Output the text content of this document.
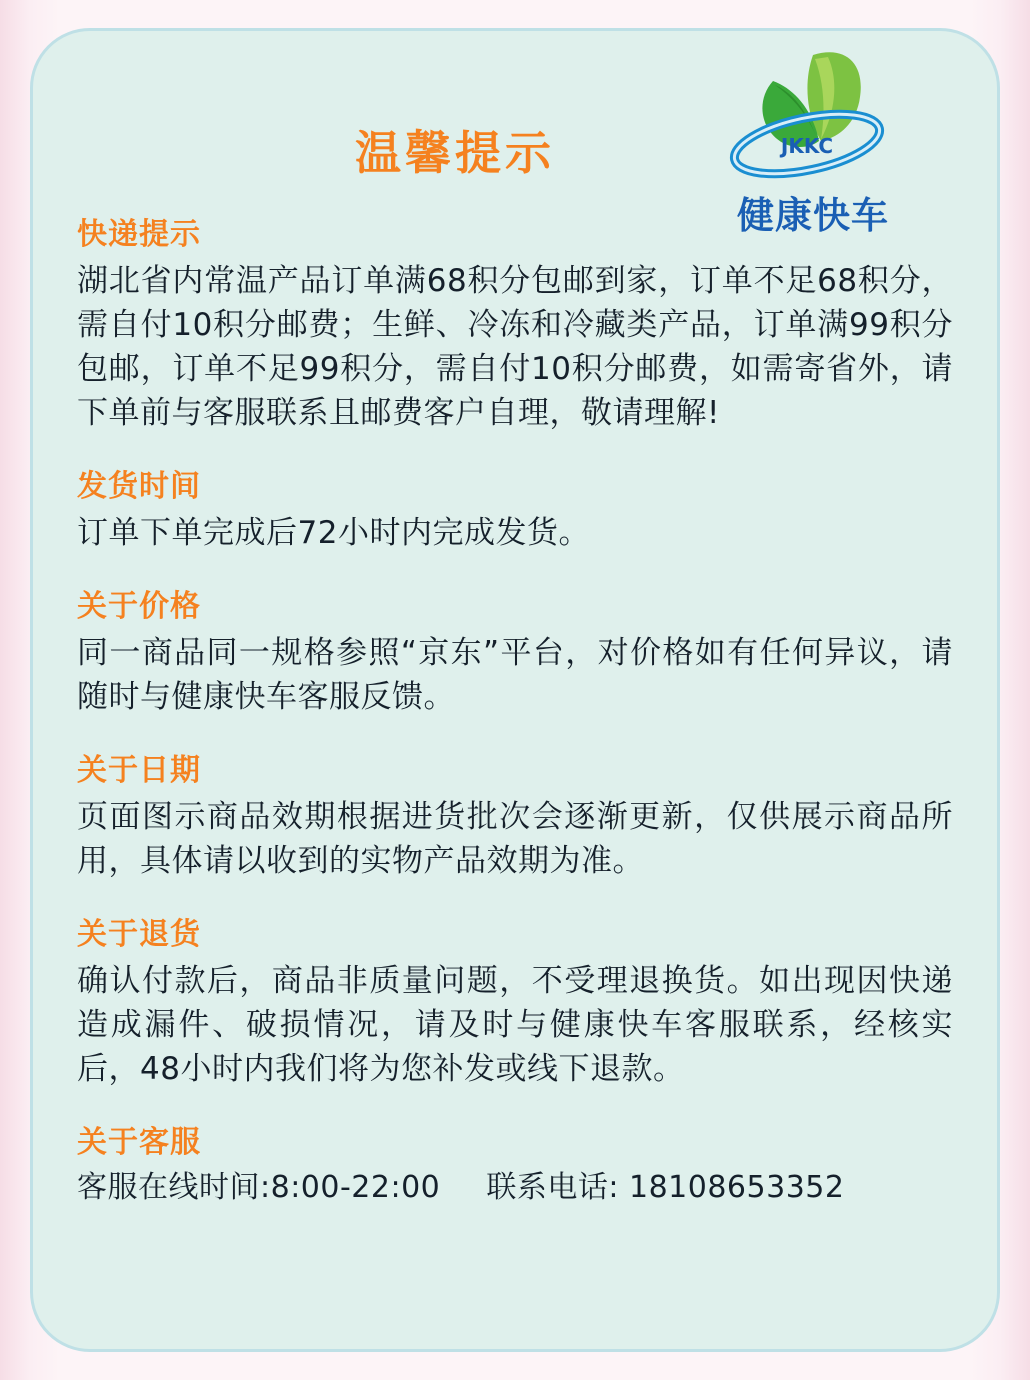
JKKC
健康快车
温馨提示
快递提示
湖北省内常温产品订单满68积分包邮到家，订单不足68积分，需自付10积分邮费；生鲜、冷冻和冷藏类产品，订单满99积分包邮，订单不足99积分，需自付10积分邮费，如需寄省外，请下单前与客服联系且邮费客户自理，敬请理解!
发货时间
订单下单完成后72小时内完成发货。
关于价格
同一商品同一规格参照“京东”平台，对价格如有任何异议，请随时与健康快车客服反馈。
关于日期
页面图示商品效期根据进货批次会逐渐更新，仅供展示商品所用，具体请以收到的实物产品效期为准。
关于退货
确认付款后，商品非质量问题，不受理退换货。如出现因快递造成漏件、破损情况，请及时与健康快车客服联系，经核实后，48小时内我们将为您补发或线下退款。
关于客服
客服在线时间:8:00-22:00 联系电话: 18108653352
